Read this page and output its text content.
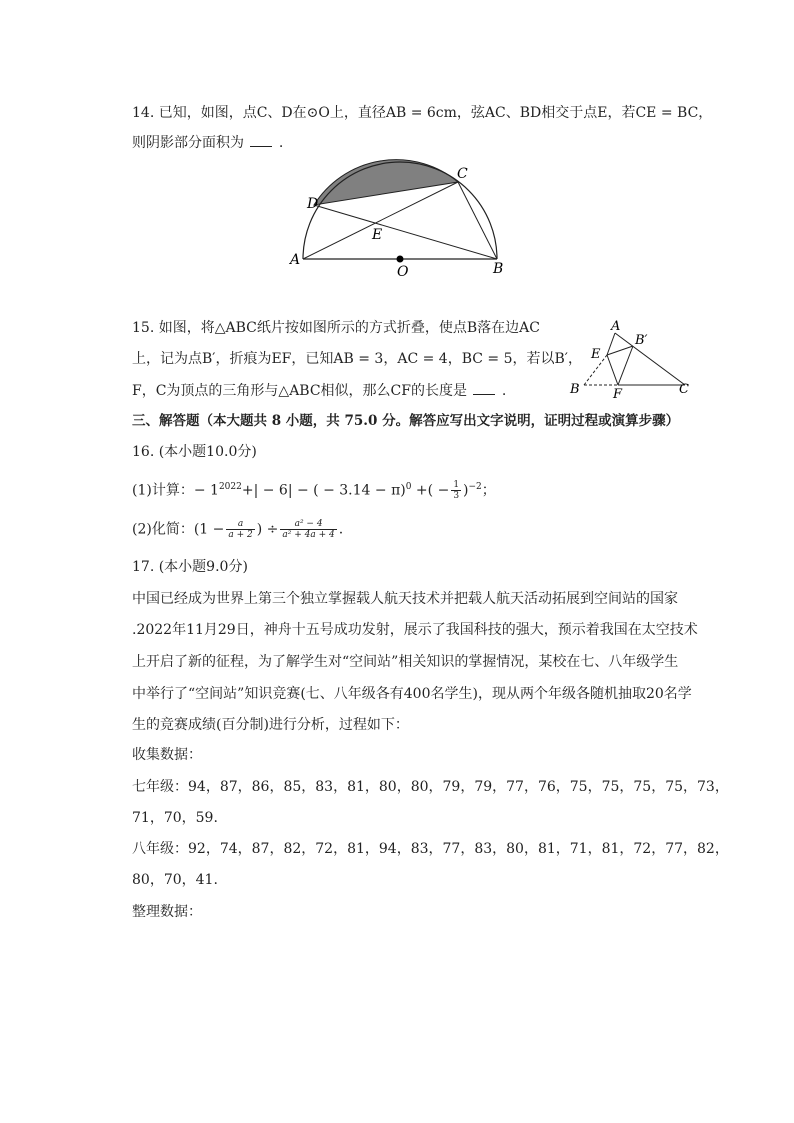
14. 已知，如图，点C、D在⊙O上，直径AB = 6cm，弦AC、BD相交于点E，若CE = BC，
则阴影部分面积为 .
A
B
C
D
E
O
15. 如图，将△ABC纸片按如图所示的方式折叠，使点B落在边AC
上，记为点B′，折痕为EF，已知AB = 3，AC = 4，BC = 5，若以B′，
F，C为顶点的三角形与△ABC相似，那么CF的长度是 .
A
B′
E
B	F	C
三、解答题（本大题共 8 小题，共 75.0 分。解答应写出文字说明，证明过程或演算步骤）
16. (本小题10.0分)
(1)计算：− $1^{2022}+| - 6|$ − ( − 3.14 − π)$^0$ +( − $\frac{1}{3} )^{-2}$；
(2)化简：($1 - \frac{a}{a + 2}$ ) ÷ $\frac{\text{a² − 4}}{\text{a² + 4a + 4}}$ .
17. (本小题9.0分)
中国已经成为世界上第三个独立掌握载人航天技术并把载人航天活动拓展到空间站的国家
.2022年11月29日，神舟十五号成功发射，展示了我国科技的强大，预示着我国在太空技术
上开启了新的征程，为了解学生对“空间站”相关知识的掌握情况，某校在七、八年级学生
中举行了“空间站”知识竞赛(七、八年级各有400名学生)，现从两个年级各随机抽取20名学
生的竞赛成绩(百分制)进行分析，过程如下：
收集数据：
七年级：94，87，86，85，83，81，80，80，79，79，77，76，75，75，75，75，73，
71，70，59.
八年级：92，74，87，82，72，81，94，83，77，83，80，81，71，81，72，77，82，
80，70，41.
整理数据：
